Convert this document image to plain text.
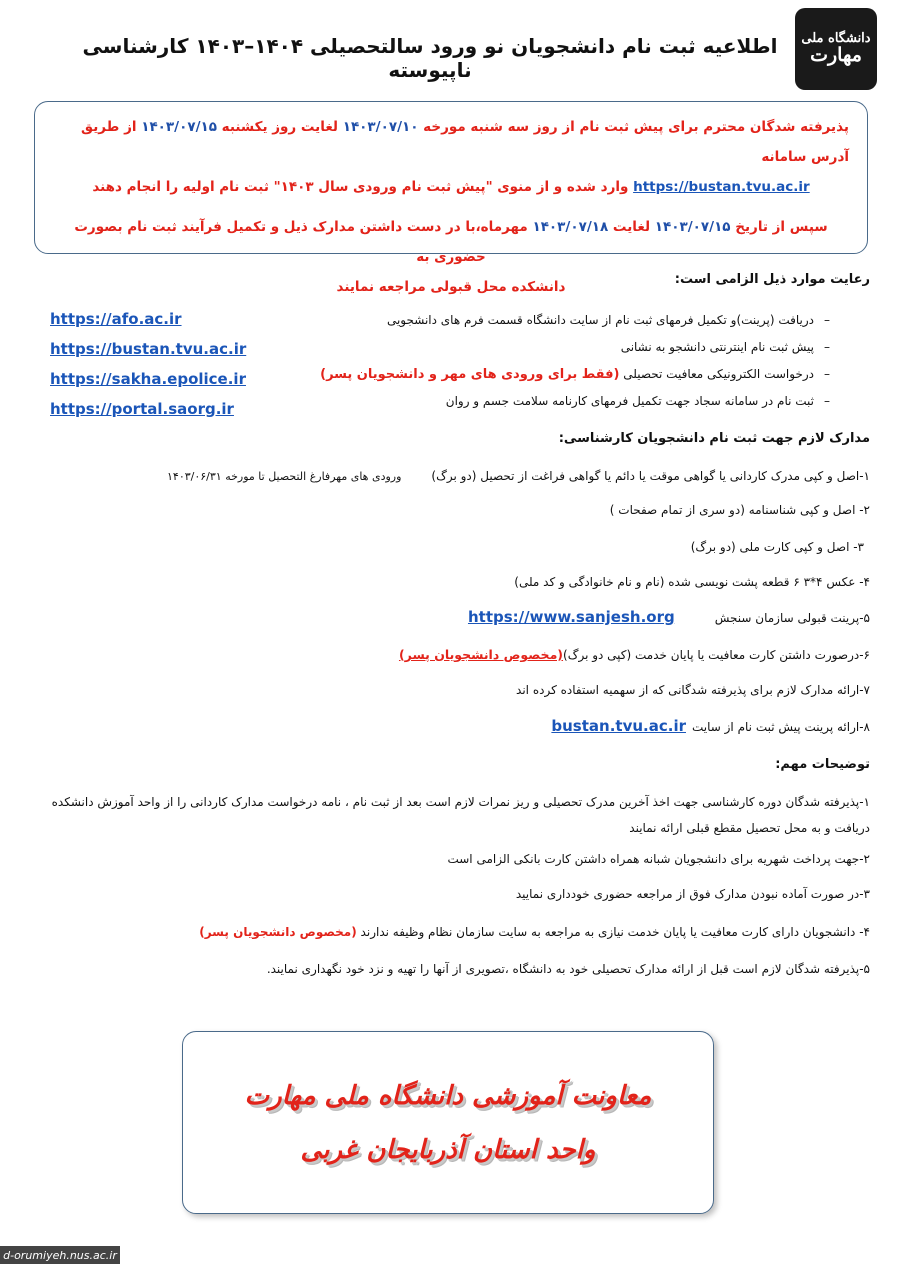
دانشگاه ملی
مهارت
اطلاعیه ثبت نام دانشجویان نو ورود سالتحصیلی ۱۴۰۴–۱۴۰۳ کارشناسی ناپیوسته
پذیرفته شدگان محترم برای پیش ثبت نام از روز سه شنبه مورخه ۱۴۰۳/۰۷/۱۰ لغایت روز یکشنبه ۱۴۰۳/۰۷/۱۵ از طریق آدرس سامانه
https://bustan.tvu.ac.ir وارد شده و از منوی "پیش ثبت نام ورودی سال ۱۴۰۳" ثبت نام اولیه را انجام دهند
سپس از تاریخ ۱۴۰۳/۰۷/۱۵ لغایت ۱۴۰۳/۰۷/۱۸ مهرماه،با در دست داشتن مدارک ذیل و تکمیل فرآیند ثبت نام بصورت حضوری به
دانشکده محل قبولی مراجعه نمایند	رعایت موارد ذیل الزامی است:
–دریافت (پرینت)و تکمیل فرمهای ثبت نام از سایت دانشگاه قسمت فرم های دانشجویی
–پیش ثبت نام اینترنتی دانشجو به نشانی
–درخواست الکترونیکی معافیت تحصیلی (فقط برای ورودی های مهر و دانشجویان پسر)
–ثبت نام در سامانه سجاد جهت تکمیل فرمهای کارنامه سلامت جسم و روان
https://afo.ac.ir
https://bustan.tvu.ac.ir
https://sakha.epolice.ir
https://portal.saorg.ir
مدارک لازم جهت ثبت نام دانشجویان کارشناسی:
۱-اصل و کپی مدرک کاردانی یا گواهی موقت یا دائم یا گواهی فراغت از تحصیل (دو برگ)ورودی های مهرفارغ التحصیل تا مورخه ۱۴۰۳/۰۶/۳۱
۲- اصل و کپی شناسنامه (دو سری از تمام صفحات )
۳- اصل و کپی کارت ملی (دو برگ)
۴- عکس ۴*۳ ۶ قطعه پشت نویسی شده (نام و نام خانوادگی و کد ملی)
۵-پرینت قبولی سازمان سنجشhttps://www.sanjesh.org
۶-درصورت داشتن کارت معافیت یا پایان خدمت (کپی دو برگ)(مخصوص دانشجویان پسر)
۷-ارائه مدارک لازم برای پذیرفته شدگانی که از سهمیه استفاده کرده اند
۸-ارائه پرینت پیش ثبت نام از سایتbustan.tvu.ac.ir
توضیحات مهم:
۱-پذیرفته شدگان دوره کارشناسی جهت اخذ آخرین مدرک تحصیلی و ریز نمرات لازم است بعد از ثبت نام ، نامه درخواست مدارک کاردانی را از واحد آموزش دانشکده دریافت و به محل تحصیل مقطع قبلی ارائه نمایند
۲-جهت پرداخت شهریه برای دانشجویان شبانه همراه داشتن کارت بانکی الزامی است
۳-در صورت آماده نبودن مدارک فوق از مراجعه حضوری خودداری نمایید
۴- دانشجویان دارای کارت معافیت یا پایان خدمت نیازی به مراجعه به سایت سازمان نظام وظیفه ندارند (مخصوص دانشجویان پسر)
۵-پذیرفته شدگان لازم است قبل از ارائه مدارک تحصیلی خود به دانشگاه ،تصویری از آنها را تهیه و نزد خود نگهداری نمایند.
معاونت آموزشی دانشگاه ملی مهارت
واحد استان آذربایجان غربی
d-orumiyeh.nus.ac.ir
